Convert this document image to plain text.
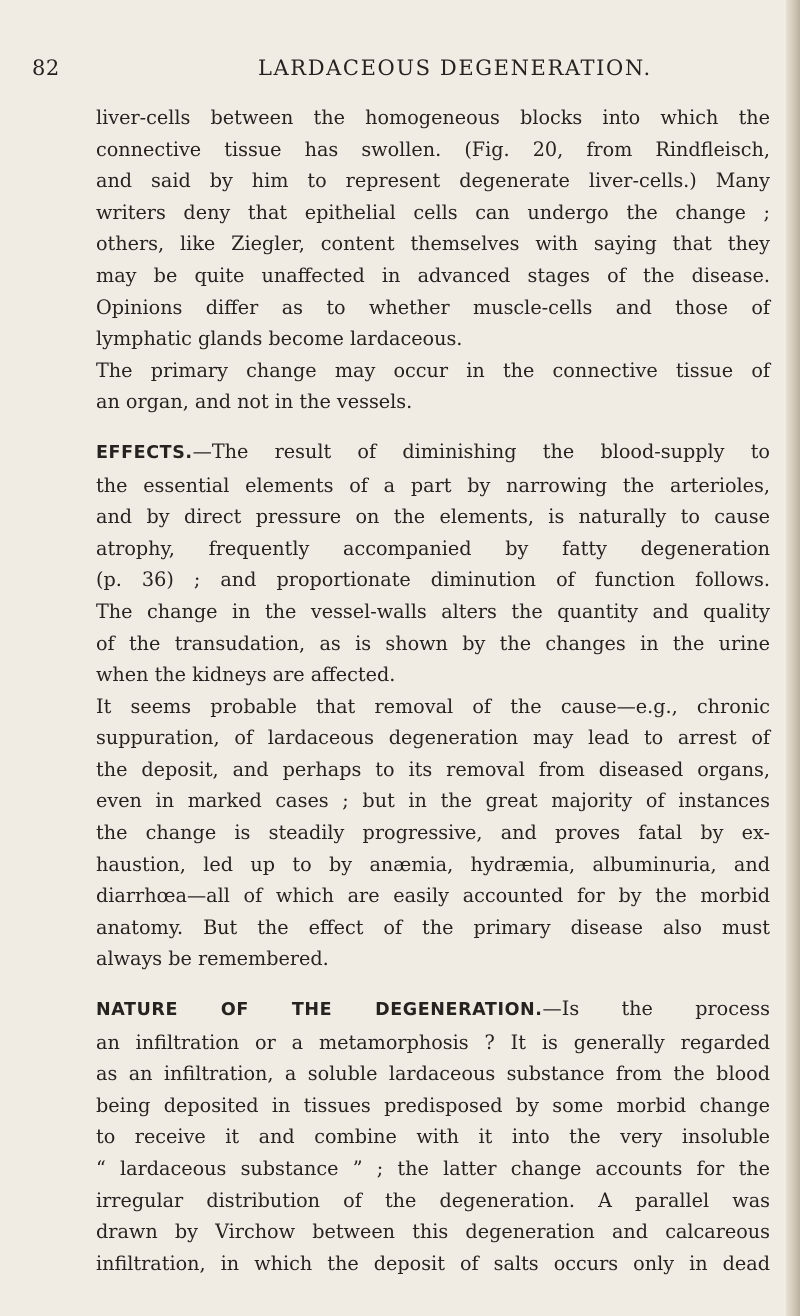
82	LARDACEOUS DEGENERATION.
liver-cells between the homogeneous blocks into which the
connective tissue has swollen. (Fig. 20, from Rindfleisch,
and said by him to represent degenerate liver-cells.) Many
writers deny that epithelial cells can undergo the change ;
others, like Ziegler, content themselves with saying that they
may be quite unaffected in advanced stages of the disease.
Opinions differ as to whether muscle-cells and those of
lymphatic glands become lardaceous.
The primary change may occur in the connective tissue of
an organ, and not in the vessels.
EFFECTS.—The result of diminishing the blood-supply to
the essential elements of a part by narrowing the arterioles,
and by direct pressure on the elements, is naturally to cause
atrophy, frequently accompanied by fatty degeneration
(p. 36) ; and proportionate diminution of function follows.
The change in the vessel-walls alters the quantity and quality
of the transudation, as is shown by the changes in the urine
when the kidneys are affected.
It seems probable that removal of the cause—e.g., chronic
suppuration, of lardaceous degeneration may lead to arrest of
the deposit, and perhaps to its removal from diseased organs,
even in marked cases ; but in the great majority of instances
the change is steadily progressive, and proves fatal by ex-
haustion, led up to by anæmia, hydræmia, albuminuria, and
diarrhœa—all of which are easily accounted for by the morbid
anatomy. But the effect of the primary disease also must
always be remembered.
NATURE OF THE DEGENERATION.—Is the process
an infiltration or a metamorphosis ? It is generally regarded
as an infiltration, a soluble lardaceous substance from the blood
being deposited in tissues predisposed by some morbid change
to receive it and combine with it into the very insoluble
“ lardaceous substance ” ; the latter change accounts for the
irregular distribution of the degeneration. A parallel was
drawn by Virchow between this degeneration and calcareous
infiltration, in which the deposit of salts occurs only in dead
